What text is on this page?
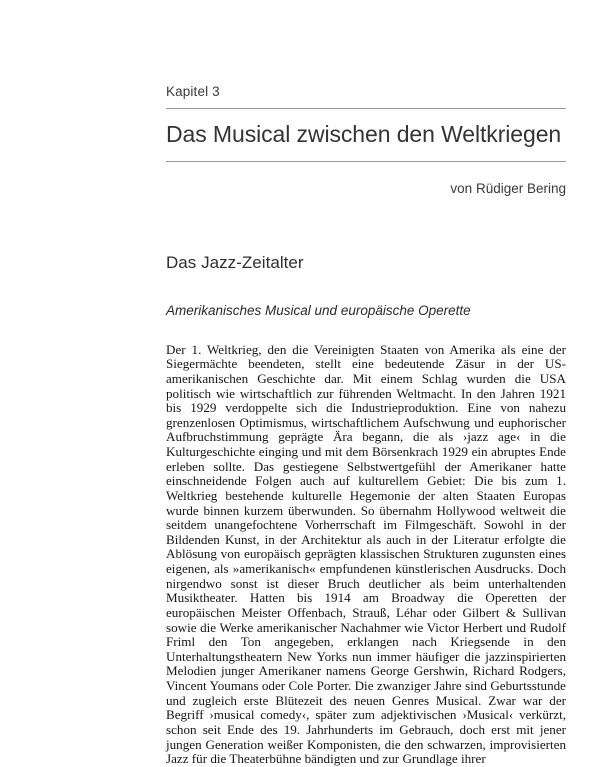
Kapitel 3

Das Musical zwischen den Weltkriegen

von Rüdiger Bering

Das Jazz-Zeitalter
Amerikanisches Musical und europäische Operette

Der 1. Weltkrieg, den die Vereinigten Staaten von Amerika als eine der Siegermächte beendeten, stellt eine bedeutende Zäsur in der US-amerikanischen Geschichte dar. Mit einem Schlag wurden die USA politisch wie wirtschaftlich zur führenden Weltmacht. In den Jahren 1921 bis 1929 verdoppelte sich die Industrieproduktion. Eine von nahezu grenzenlosen Optimismus, wirtschaftlichem Aufschwung und euphorischer Aufbruchstimmung geprägte Ära begann, die als ›jazz age‹ in die Kulturgeschichte einging und mit dem Börsenkrach 1929 ein abruptes Ende erleben sollte. Das gestiegene Selbstwertgefühl der Amerikaner hatte einschneidende Folgen auch auf kulturellem Gebiet: Die bis zum 1. Weltkrieg bestehende kulturelle Hegemonie der alten Staaten Europas wurde binnen kurzem überwunden. So übernahm Hollywood weltweit die seitdem unangefochtene Vorherrschaft im Filmgeschäft. Sowohl in der Bildenden Kunst, in der Architektur als auch in der Literatur erfolgte die Ablösung von europäisch geprägten klassischen Strukturen zugunsten eines eigenen, als »amerikanisch« empfundenen künstlerischen Ausdrucks. Doch nirgendwo sonst ist dieser Bruch deutlicher als beim unterhaltenden Musiktheater. Hatten bis 1914 am Broadway die Operetten der europäischen Meister Offenbach, Strauß, Léhar oder Gilbert & Sullivan sowie die Werke amerikanischer Nachahmer wie Victor Herbert und Rudolf Friml den Ton angegeben, erklangen nach Kriegsende in den Unterhaltungstheatern New Yorks nun immer häufiger die jazzinspirierten Melodien junger Amerikaner namens George Gershwin, Richard Rodgers, Vincent Youmans oder Cole Porter. Die zwanziger Jahre sind Geburtsstunde und zugleich erste Blütezeit des neuen Genres Musical. Zwar war der Begriff ›musical comedy‹, später zum adjektivischen ›Musical‹ verkürzt, schon seit Ende des 19. Jahrhunderts im Gebrauch, doch erst mit jener jungen Generation weißer Komponisten, die den schwarzen, improvisierten Jazz für die Theaterbühne bändigten und zur Grundlage ihrer
